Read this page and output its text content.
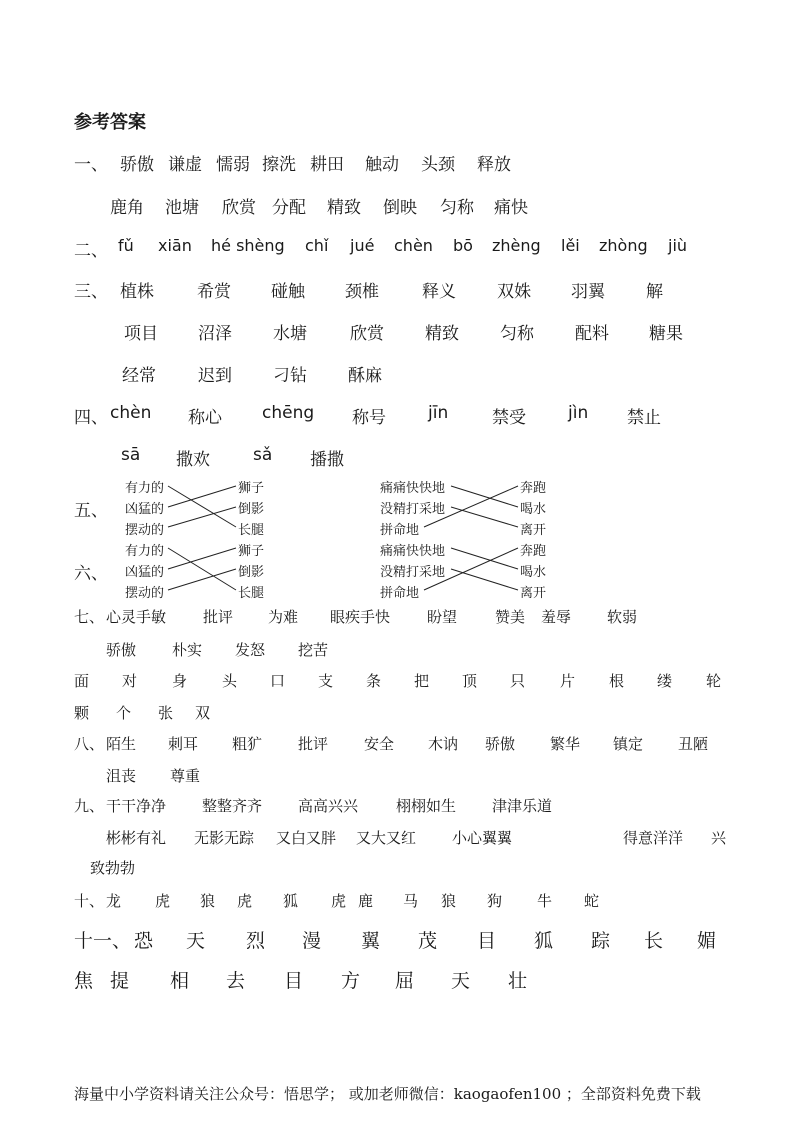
参考答案
一、 骄傲 谦虚 懦弱 擦洗 耕田 触动 头颈 释放
鹿角 池塘 欣赏 分配 精致 倒映 匀称 痛快
二、 fǔ xiān hé shèng chǐ jué chèn bō zhèng lěi zhòng jiù
三、 植株	希赏 碰触 颈椎	释义 双姝 羽翼 解
项目 沼泽 水塘	欣赏 精致 匀称 配料 糖果
经常 迟到 刁钻 酥麻
四、 chèn 称心 chēng 称号 jīn	禁受 jìn 禁止
sā 撒欢	sǎ 播撒
五、
有力的
凶猛的
摆动的
狮子
倒影
长腿
痛痛快快地
没精打采地
拼命地
奔跑
喝水
离开
六、
有力的
凶猛的
摆动的
狮子
倒影
长腿
痛痛快快地
没精打采地
拼命地
奔跑
喝水
离开
七、 心灵手敏 批评 为难 眼疾手快 盼望	赞美 羞辱 软弱
骄傲 朴实 发怒 挖苦
面 对 身 头 口 支 条 把 顶 只 片 根 缕 轮
颗 个 张 双
八、 陌生 刺耳 粗犷 批评 安全 木讷 骄傲 繁华 镇定 丑陋
沮丧 尊重
九、 干干净净 整整齐齐 高高兴兴	栩栩如生 津津乐道
彬彬有礼 无影无踪 又白又胖 又大又红 小心翼翼	得意洋洋 兴
致勃勃
十、 龙 虎 狼 虎 狐 虎 鹿 马 狼 狗 牛 蛇
十一、 恐 天 烈 漫 翼 茂 目 狐 踪 长 媚
焦 提 相 去 目 方 屈 天 壮
海量中小学资料请关注公众号：悟思学； 或加老师微信：kaogaofen100 ；全部资料免费下载
